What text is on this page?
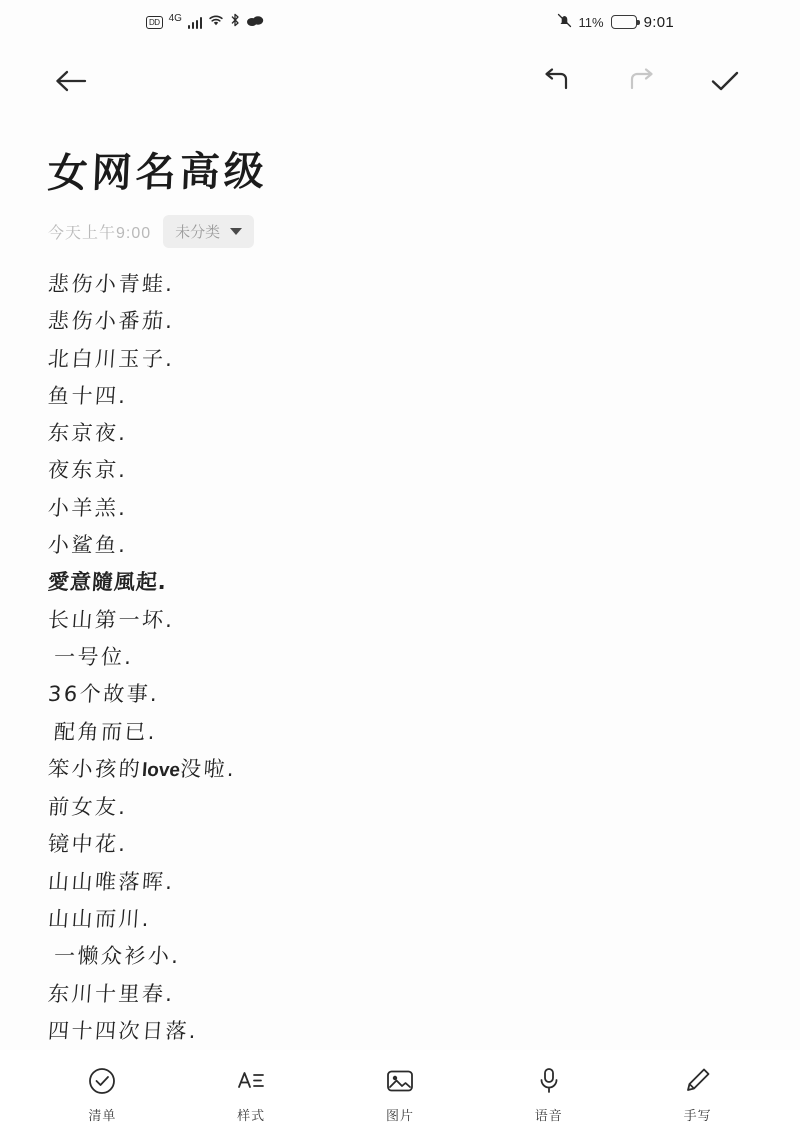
DD 4G	11%	9:01
女网名高级
今天上午9:00 未分类
悲伤小青蛙.
悲伤小番茄.
北白川玉子.
鱼十四.
东京夜.
夜东京.
小羊羔.
小鲨鱼.
愛意隨風起.
长山第一坏.
一号位.
36个故事.
配角而已.
笨小孩的love没啦.
前女友.
镜中花.
山山唯落晖.
山山而川.
一懒众衫小.
东川十里春.
四十四次日落.
清单	样式	图片	语音	手写
